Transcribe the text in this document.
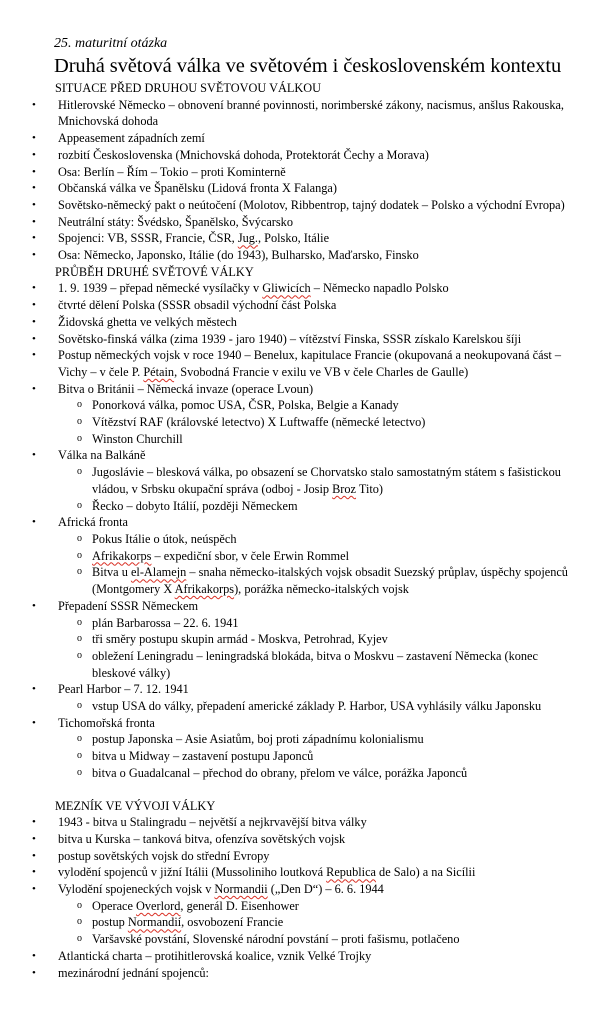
25. maturitní otázka
Druhá světová válka ve světovém i československém kontextu
SITUACE PŘED DRUHOU SVĚTOVOU VÁLKOU
• Hitlerovské Německo – obnovení branné povinnosti, norimberské zákony, nacismus, anšlus Rakouska, Mnichovská dohoda
• Appeasement západních zemí
• rozbití Československa (Mnichovská dohoda, Protektorát Čechy a Morava)
• Osa: Berlín – Řím – Tokio – proti Kominterně
• Občanská válka ve Španělsku (Lidová fronta X Falanga)
• Sovětsko-německý pakt o neútočení (Molotov, Ribbentrop, tajný dodatek – Polsko a východní Evropa)
• Neutrální státy: Švédsko, Španělsko, Švýcarsko
• Spojenci: VB, SSSR, Francie, ČSR, Jug., Polsko, Itálie
• Osa: Německo, Japonsko, Itálie (do 1943), Bulharsko, Maďarsko, Finsko
PRŮBĚH DRUHÉ SVĚTOVÉ VÁLKY
• 1. 9. 1939 – přepad německé vysílačky v Gliwicích – Německo napadlo Polsko
• čtvrté dělení Polska (SSSR obsadil východní část Polska
• Židovská ghetta ve velkých městech
• Sovětsko-finská válka (zima 1939 - jaro 1940) – vítězství Finska, SSSR získalo Karelskou šíji
• Postup německých vojsk v roce 1940 – Benelux, kapitulace Francie (okupovaná a neokupovaná část – Vichy – v čele P. Pétain, Svobodná Francie v exilu ve VB v čele Charles de Gaulle)
• Bitva o Británii – Německá invaze (operace Lvoun)
o Ponorková válka, pomoc USA, ČSR, Polska, Belgie a Kanady
o Vítězství RAF (královské letectvo) X Luftwaffe (německé letectvo)
o Winston Churchill
• Válka na Balkáně
o Jugoslávie – blesková válka, po obsazení se Chorvatsko stalo samostatným státem s fašistickou vládou, v Srbsku okupační správa (odboj - Josip Broz Tito)
o Řecko – dobyto Itálií, později Německem
• Africká fronta
o Pokus Itálie o útok, neúspěch
o Afrikakorps – expediční sbor, v čele Erwin Rommel
o Bitva u el-Alamejn – snaha německo-italských vojsk obsadit Suezský průplav, úspěchy spojenců (Montgomery X Afrikakorps), porážka německo-italských vojsk
• Přepadení SSSR Německem
o plán Barbarossa – 22. 6. 1941
o tři směry postupu skupin armád - Moskva, Petrohrad, Kyjev
o obležení Leningradu – leningradská blokáda, bitva o Moskvu – zastavení Německa (konec bleskové války)
• Pearl Harbor – 7. 12. 1941
o vstup USA do války, přepadení americké základy P. Harbor, USA vyhlásily válku Japonsku
• Tichomořská fronta
o postup Japonska – Asie Asiatům, boj proti západnímu kolonialismu
o bitva u Midway – zastavení postupu Japonců
o bitva o Guadalcanal – přechod do obrany, přelom ve válce, porážka Japonců
MEZNÍK VE VÝVOJI VÁLKY
• 1943 - bitva u Stalingradu – největší a nejkrvavější bitva války
• bitva u Kurska – tanková bitva, ofenzíva sovětských vojsk
• postup sovětských vojsk do střední Evropy
• vylodění spojenců v jižní Itálii (Mussoliniho loutková Republica de Salo) a na Sicílii
• Vylodění spojeneckých vojsk v Normandii („Den D“) – 6. 6. 1944
o Operace Overlord, generál D. Eisenhower
o postup Normandií, osvobození Francie
o Varšavské povstání, Slovenské národní povstání – proti fašismu, potlačeno
• Atlantická charta – protihitlerovská koalice, vznik Velké Trojky
• mezinárodní jednání spojenců:
